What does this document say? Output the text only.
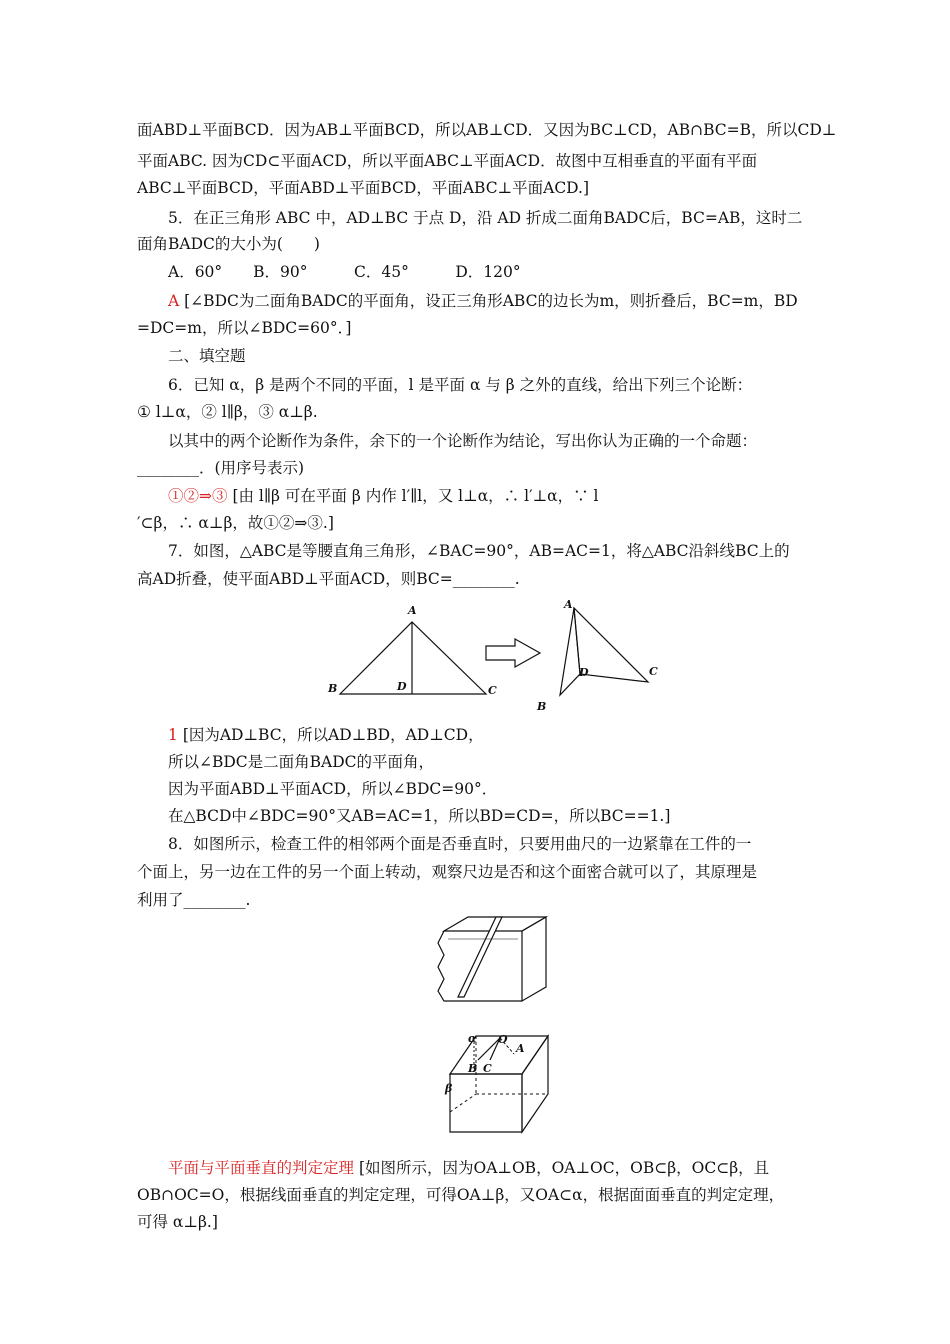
面ABD⊥平面BCD．因为AB⊥平面BCD，所以AB⊥CD．又因为BC⊥CD，AB∩BC=B，所以CD⊥
平面ABC. 因为CD⊂平面ACD，所以平面ABC⊥平面ACD．故图中互相垂直的平面有平面
ABC⊥平面BCD，平面ABD⊥平面BCD，平面ABC⊥平面ACD.]
5．在正三角形 ABC 中，AD⊥BC 于点 D，沿 AD 折成二面角BADC后，BC=AB，这时二
面角BADC的大小为(　　)
A．60°　　B．90°　　　C．45°　　　D．120°
A [∠BDC为二面角BADC的平面角，设正三角形ABC的边长为m，则折叠后，BC=m，BD
=DC=m，所以∠BDC=60°．]
二、填空题
6．已知 α，β 是两个不同的平面，l 是平面 α 与 β 之外的直线，给出下列三个论断：
① l⊥α，② l∥β，③ α⊥β.
以其中的两个论断作为条件，余下的一个论断作为结论，写出你认为正确的一个命题：
________．(用序号表示)
①②⇒③ [由 l∥β 可在平面 β 内作 l′∥l，又 l⊥α，∴ l′⊥α，∵ l
′⊂β，∴ α⊥β，故①②⇒③.]
7．如图，△ABC是等腰直角三角形，∠BAC=90°，AB=AC=1，将△ABC沿斜线BC上的
高AD折叠，使平面ABD⊥平面ACD，则BC=________.
A
B	C
D
A
B
C
D
1 [因为AD⊥BC，所以AD⊥BD，AD⊥CD，
所以∠BDC是二面角BADC的平面角，
因为平面ABD⊥平面ACD，所以∠BDC=90°．
在△BCD中∠BDC=90°又AB=AC=1，所以BD=CD=，所以BC==1.]
8．如图所示，检查工件的相邻两个面是否垂直时，只要用曲尺的一边紧靠在工件的一
个面上，另一边在工件的另一个面上转动，观察尺边是否和这个面密合就可以了，其原理是
利用了________.
O
α
A
B C
β
平面与平面垂直的判定定理 [如图所示，因为OA⊥OB，OA⊥OC，OB⊂β，OC⊂β，且
OB∩OC=O，根据线面垂直的判定定理，可得OA⊥β，又OA⊂α，根据面面垂直的判定定理，
可得 α⊥β.]
